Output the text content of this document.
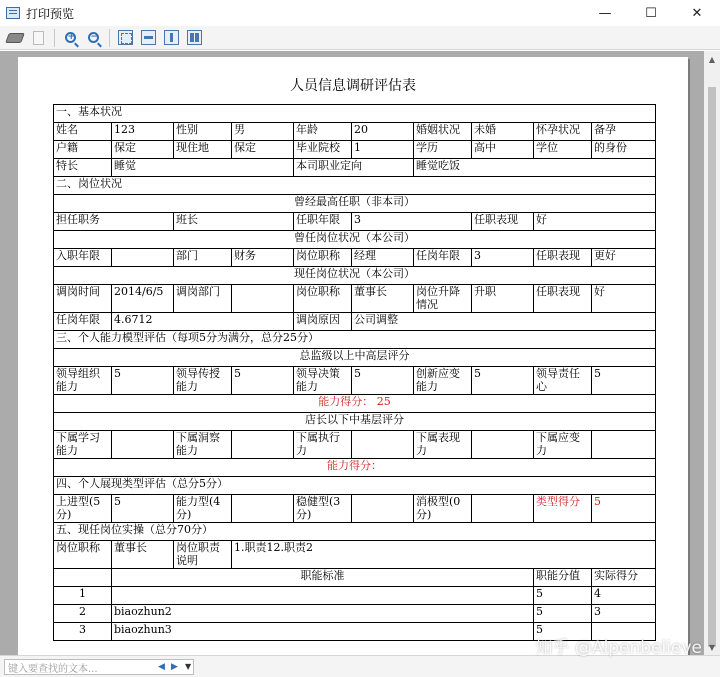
打印预览	—	☐	✕
+ −
人员信息调研评估表
一、基本状况									
姓名	123	性别	男	年龄	20	婚姻状况	未婚	怀孕状况	备孕
户籍	保定	现住地	保定	毕业院校	1	学历	高中	学位	的身份
特长	睡觉			本司职业定向		睡觉吃饭			
二、岗位状况									
曾经最高任职（非本司）									
担任职务		班长		任职年限	3		任职表现	好	
曾任岗位状况（本公司）									
入职年限		部门	财务	岗位职称	经理	任岗年限	3	任职表现	更好
现任岗位状况（本公司）									
调岗时间	2014/6/5	调岗部门		岗位职称	董事长	岗位升降情况	升职	任职表现	好
任岗年限	4.6712			调岗原因	公司调整				
三、个人能力模型评估（每项5分为满分，总分25分）									
总监级以上中高层评分									
领导组织能力	5	领导传授能力	5	领导决策能力	5	创新应变能力	5	领导责任心	5
能力得分： 25									
店长以下中基层评分									
下属学习能力		下属洞察能力		下属执行力		下属表现力		下属应变力	
能力得分：									
四、个人展现类型评估（总分5分）									
上进型(5分)	5	能力型(4分)		稳健型(3分)		消极型(0分)		类型得分	5
五、现任岗位实操（总分70分）									
岗位职称	董事长	岗位职责说明	1.职责12.职责2						
	职能标准							职能分值	实际得分
1								5	4
2	biaozhun2							5	3
3	biaozhun3							5	
▲
▼
键入要查找的文本...	◀ ▶ ▼
知乎 @Alpenbelieve
